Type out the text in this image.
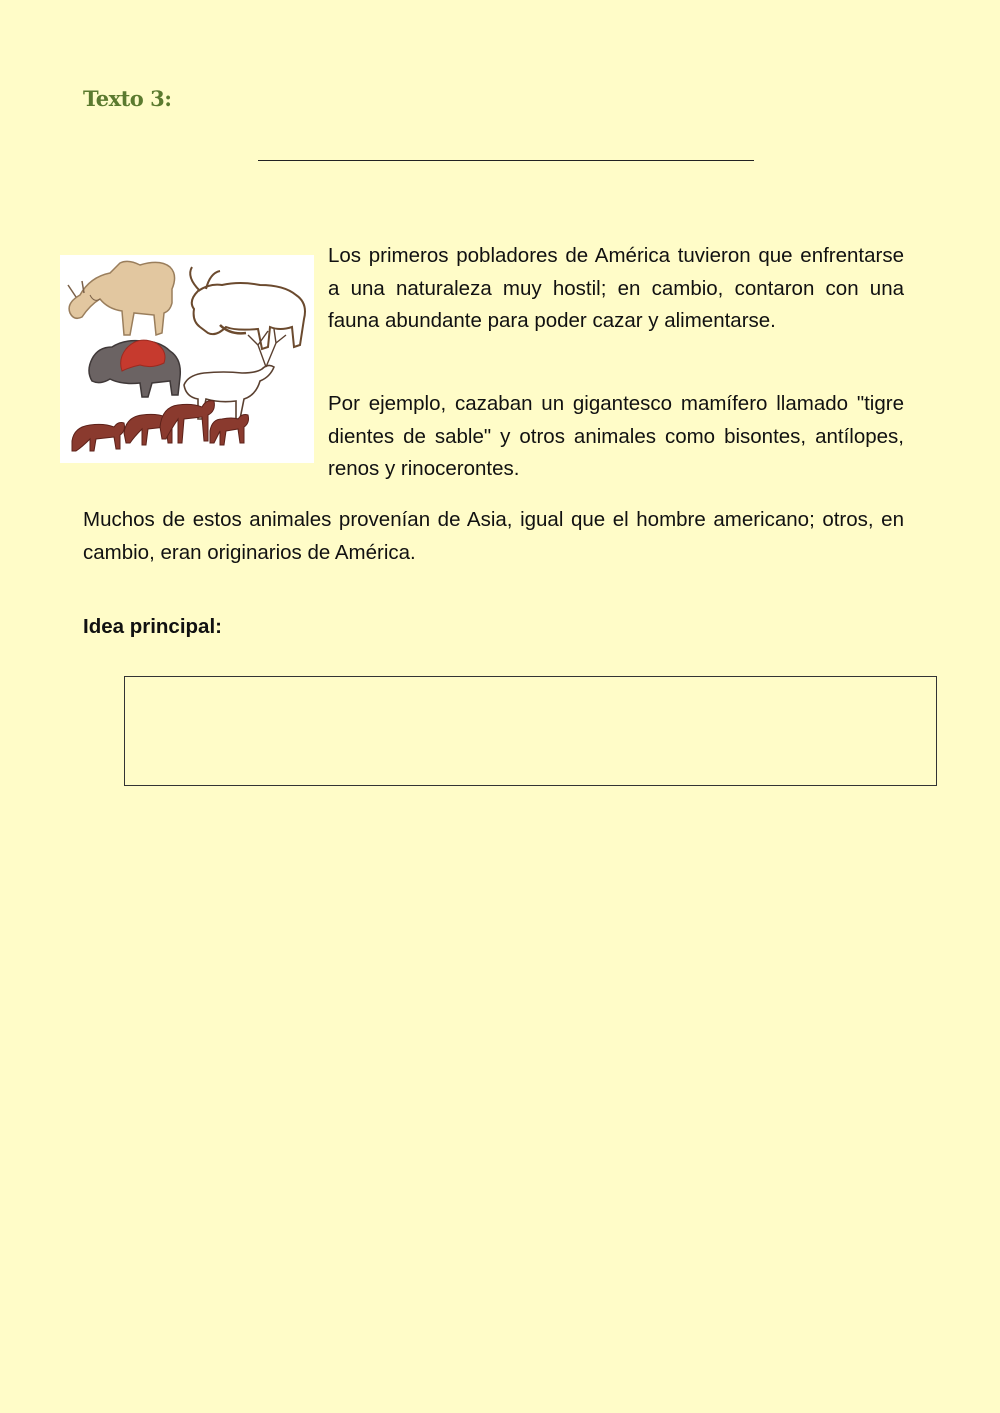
Texto 3:

Los primeros pobladores de América tuvieron que enfrentarse a una naturaleza muy hostil; en cambio, contaron con una fauna abundante para poder cazar y alimentarse.

Por ejemplo, cazaban un gigantesco mamífero llamado "tigre dientes de sable" y otros animales como bisontes, antílopes, renos y rinocerontes.

Muchos de estos animales provenían de Asia, igual que el hombre americano; otros, en cambio, eran originarios de América.

Idea principal:
